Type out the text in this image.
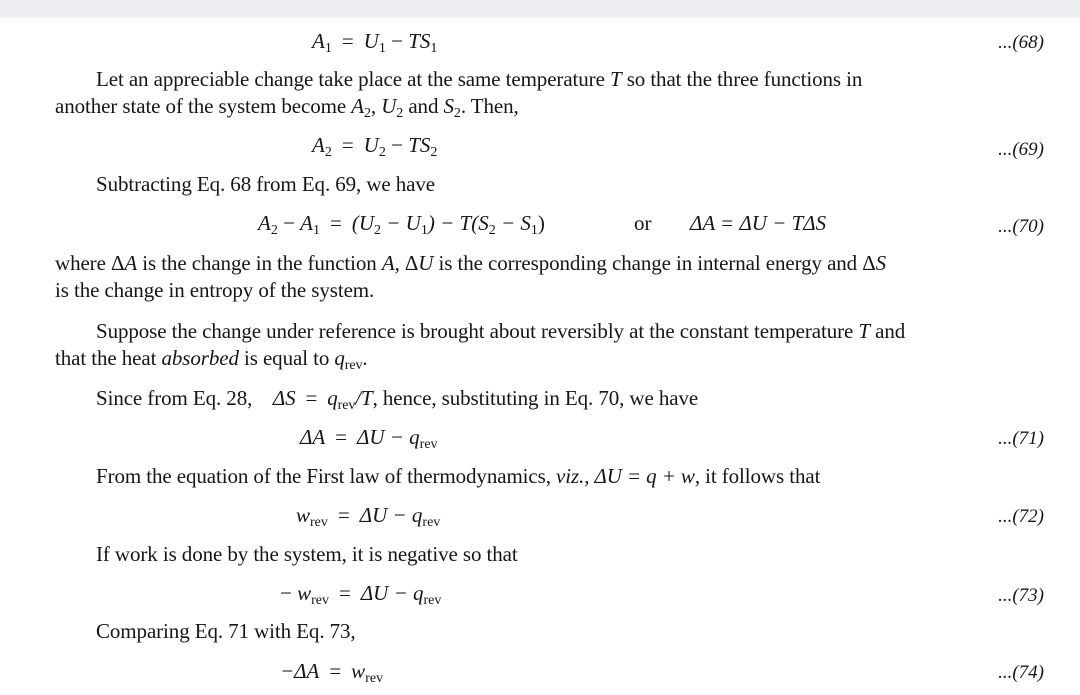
$A_1 = U_1 - TS_1$	...(68)
Let an appreciable change take place at the same temperature T so that the three functions in
another state of the system become $A_2$, $U_2$ and $S_2$. Then,
$A_2 = U_2 - TS_2$	...(69)
Subtracting Eq. 68 from Eq. 69, we have
$A_2 - A_1 = (U_2 - U_1) - T(S_2 - S_1)$	or ΔA = ΔU − TΔS	...(70)
where ΔA is the change in the function A, ΔU is the corresponding change in internal energy and ΔS
is the change in entropy of the system.
Suppose the change under reference is brought about reversibly at the constant temperature T and
that the heat absorbed is equal to $q_{rev}$.
Since from Eq. 28, $\Delta S = q_{rev}/T$, hence, substituting in Eq. 70, we have
$\Delta A = \Delta U - q_{rev}$	...(71)
From the equation of the First law of thermodynamics, viz., ΔU = q + w, it follows that
$w_{rev} = \Delta U - q_{rev}$	...(72)
If work is done by the system, it is negative so that
− $w_{rev} = \Delta U - q_{rev}$	...(73)
Comparing Eq. 71 with Eq. 73,
$-\Delta A = w_{rev}$	...(74)
